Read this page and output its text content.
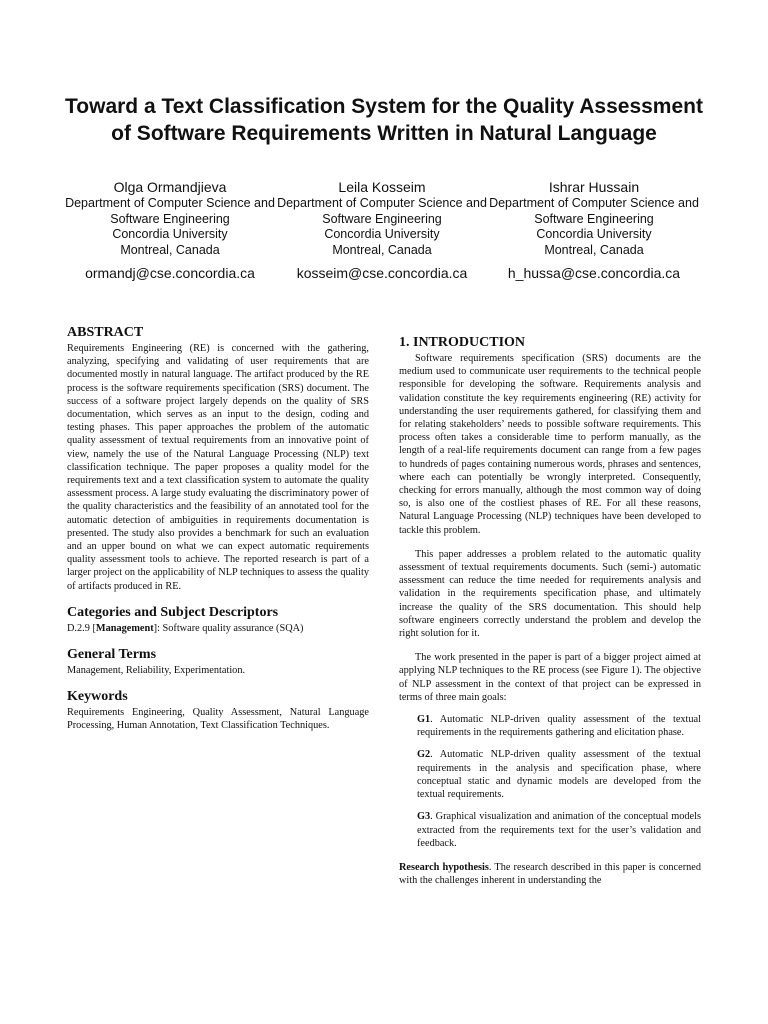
Toward a Text Classification System for the Quality Assessment of Software Requirements Written in Natural Language
Olga Ormandjieva
Department of Computer Science and Software Engineering
Concordia University
Montreal, Canada
ormandj@cse.concordia.ca
Leila Kosseim
Department of Computer Science and Software Engineering
Concordia University
Montreal, Canada
kosseim@cse.concordia.ca
Ishrar Hussain
Department of Computer Science and Software Engineering
Concordia University
Montreal, Canada
h_hussa@cse.concordia.ca
ABSTRACT

Requirements Engineering (RE) is concerned with the gathering, analyzing, specifying and validating of user requirements that are documented mostly in natural language. The artifact produced by the RE process is the software requirements specification (SRS) document. The success of a software project largely depends on the quality of SRS documentation, which serves as an input to the design, coding and testing phases. This paper approaches the problem of the automatic quality assessment of textual requirements from an innovative point of view, namely the use of the Natural Language Processing (NLP) text classification technique. The paper proposes a quality model for the requirements text and a text classification system to automate the quality assessment process. A large study evaluating the discriminatory power of the quality characteristics and the feasibility of an annotated tool for the automatic detection of ambiguities in requirements documentation is presented. The study also provides a benchmark for such an evaluation and an upper bound on what we can expect automatic requirements quality assessment tools to achieve. The reported research is part of a larger project on the applicability of NLP techniques to assess the quality of artifacts produced in RE.

Categories and Subject Descriptors

D.2.9 [Management]: Software quality assurance (SQA)

General Terms

Management, Reliability, Experimentation.

Keywords

Requirements Engineering, Quality Assessment, Natural Language Processing, Human Annotation, Text Classification Techniques.

1. INTRODUCTION

Software requirements specification (SRS) documents are the medium used to communicate user requirements to the technical people responsible for developing the software. Requirements analysis and validation constitute the key requirements engineering (RE) activity for understanding the user requirements gathered, for classifying them and for relating stakeholders’ needs to possible software requirements. This process often takes a considerable time to perform manually, as the length of a real-life requirements document can range from a few pages to hundreds of pages containing numerous words, phrases and sentences, where each can potentially be wrongly interpreted. Consequently, checking for errors manually, although the most common way of doing so, is also one of the costliest phases of RE. For all these reasons, Natural Language Processing (NLP) techniques have been developed to tackle this problem.

This paper addresses a problem related to the automatic quality assessment of textual requirements documents. Such (semi-) automatic assessment can reduce the time needed for requirements analysis and validation in the requirements specification phase, and ultimately increase the quality of the SRS documentation. This should help software engineers correctly understand the problem and develop the right solution for it.

The work presented in the paper is part of a bigger project aimed at applying NLP techniques to the RE process (see Figure 1). The objective of NLP assessment in the context of that project can be expressed in terms of three main goals:

G1. Automatic NLP-driven quality assessment of the textual requirements in the requirements gathering and elicitation phase.

G2. Automatic NLP-driven quality assessment of the textual requirements in the analysis and specification phase, where conceptual static and dynamic models are developed from the textual requirements.

G3. Graphical visualization and animation of the conceptual models extracted from the requirements text for the user’s validation and feedback.

Research hypothesis. The research described in this paper is concerned with the challenges inherent in understanding the
